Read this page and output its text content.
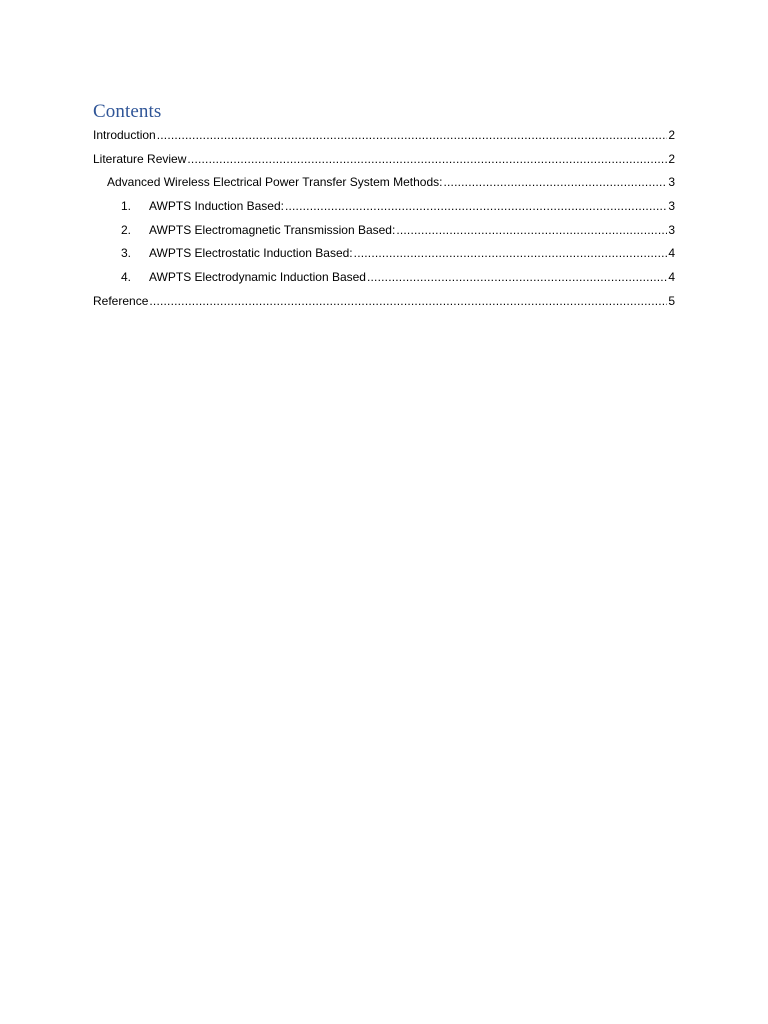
Contents
Introduction .....	2
Literature Review .....	2
Advanced Wireless Electrical Power Transfer System Methods: .....	3
1.	AWPTS Induction Based: .....	3
2.	AWPTS Electromagnetic Transmission Based: .....	3
3.	AWPTS Electrostatic Induction Based: .....	4
4.	AWPTS Electrodynamic Induction Based .....	4
Reference .....	5
